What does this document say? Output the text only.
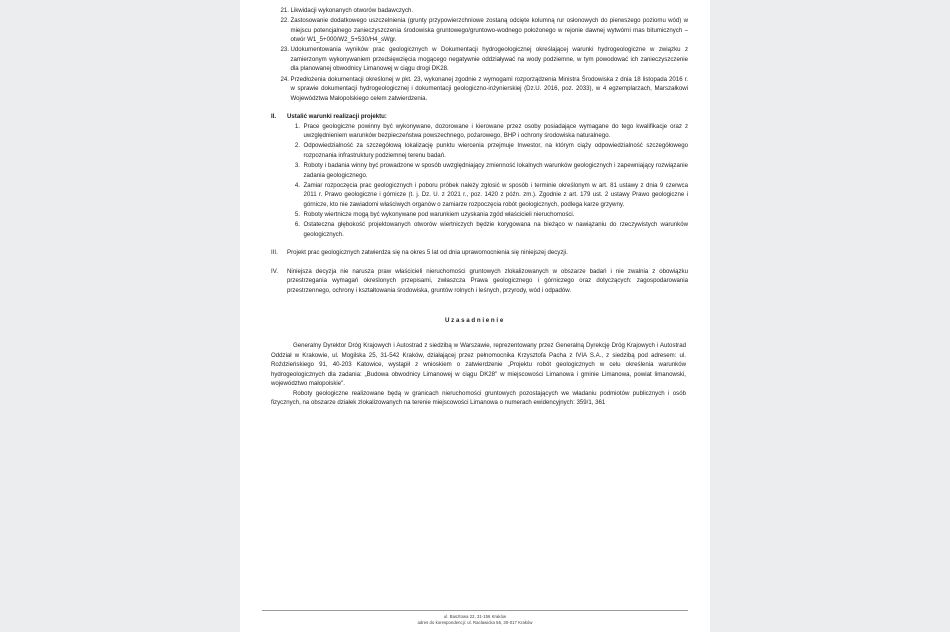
21. Likwidacji wykonanych otworów badawczych.
22. Zastosowanie dodatkowego uszczelnienia (grunty przypowierzchniowe zostaną odcięte kolumną rur osłonowych do pierwszego poziomu wód) w miejscu potencjalnego zanieczyszczenia środowiska gruntowego/gruntowo-wodnego położonego w rejonie dawnej wytwórni mas bitumicznych – otwór W1_5+000/W2_5+530/H4_sWgr.
23. Udokumentowania wyników prac geologicznych w Dokumentacji hydrogeologicznej określającej warunki hydrogeologiczne w związku z zamierzonym wykonywaniem przedsięwzięcia mogącego negatywnie oddziaływać na wody podziemne, w tym powodować ich zanieczyszczenie dla planowanej obwodnicy Limanowej w ciągu drogi DK28.
24. Przedłożenia dokumentacji określonej w pkt. 23, wykonanej zgodnie z wymogami rozporządzenia Ministra Środowiska z dnia 18 listopada 2016 r. w sprawie dokumentacji hydrogeologicznej i dokumentacji geologiczno-inżynierskiej (Dz.U. 2016, poz. 2033), w 4 egzemplarzach, Marszałkowi Województwa Małopolskiego celem zatwierdzenia.
II.	Ustalić warunki realizacji projektu:
1. Prace geologiczne powinny być wykonywane, dozorowane i kierowane przez osoby posiadające wymagane do tego kwalifikacje oraz z uwzględnieniem warunków bezpieczeństwa powszechnego, pożarowego, BHP i ochrony środowiska naturalnego.
2. Odpowiedzialność za szczegółową lokalizację punktu wiercenia przejmuje Inwestor, na którym ciąży odpowiedzialność szczegółowego rozpoznania infrastruktury podziemnej terenu badań.
3. Roboty i badania winny być prowadzone w sposób uwzględniający zmienność lokalnych warunków geologicznych i zapewniający rozwiązanie zadania geologicznego.
4. Zamiar rozpoczęcia prac geologicznych i poboru próbek należy zgłosić w sposób i terminie określonym w art. 81 ustawy z dnia 9 czerwca 2011 r. Prawo geologiczne i górnicze (t. j. Dz. U. z 2021 r., poz. 1420 z późn. zm.). Zgodnie z art. 179 ust. 2 ustawy Prawo geologiczne i górnicze, kto nie zawiadomi właściwych organów o zamiarze rozpoczęcia robót geologicznych, podlega karze grzywny.
5. Roboty wiertnicze mogą być wykonywane pod warunkiem uzyskania zgód właścicieli nieruchomości.
6. Ostateczna głębokość projektowanych otworów wiertniczych będzie korygowana na bieżąco w nawiązaniu do rzeczywistych warunków geologicznych.
III.	Projekt prac geologicznych zatwierdza się na okres 5 lat od dnia uprawomocnienia się niniejszej decyzji.
IV.	Niniejsza decyzja nie narusza praw właścicieli nieruchomości gruntowych zlokalizowanych w obszarze badań i nie zwalnia z obowiązku przestrzegania wymagań określonych przepisami, zwłaszcza Prawa geologicznego i górniczego oraz dotyczących: zagospodarowania przestrzennego, ochrony i kształtowania środowiska, gruntów rolnych i leśnych, przyrody, wód i odpadów.
Uzasadnienie

Generalny Dyrektor Dróg Krajowych i Autostrad z siedzibą w Warszawie, reprezentowany przez Generalną Dyrekcję Dróg Krajowych i Autostrad Oddział w Krakowie, ul. Mogilska 25, 31-542 Kraków, działającej przez pełnomocnika Krzysztofa Pacha z IVIA S.A., z siedzibą pod adresem: ul. Roździeńskiego 91, 40-203 Katowice, wystąpił z wnioskiem o zatwierdzenie „Projektu robót geologicznych w celu określenia warunków hydrogeologicznych dla zadania: „Budowa obwodnicy Limanowej w ciągu DK28" w miejscowości Limanowa i gminie Limanowa, powiat limanowski, województwo małopolskie".

Roboty geologiczne realizowane będą w granicach nieruchomości gruntowych pozostających we władaniu podmiotów publicznych i osób fizycznych, na obszarze działek zlokalizowanych na terenie miejscowości Limanowa o numerach ewidencyjnych: 359/1, 361

ul. Basztowa 22, 31-156 Kraków
adres do korespondencji: ul. Racławicka 56, 30-017 Kraków
